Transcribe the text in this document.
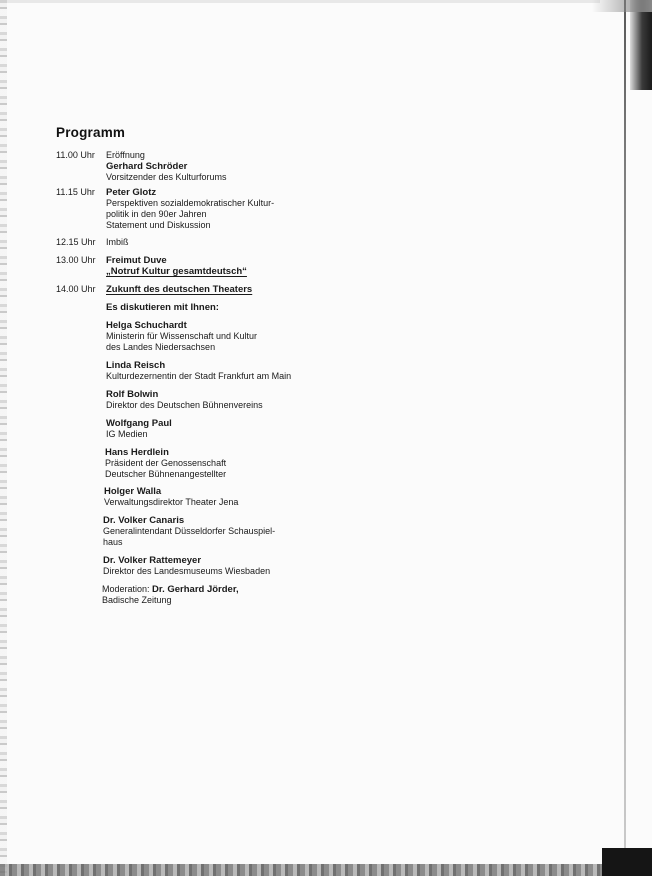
Programm
11.00 Uhr	Eröffnung
Gerhard Schröder
Vorsitzender des Kulturforums
11.15 Uhr	Peter Glotz
Perspektiven sozialdemokratischer Kultur-
politik in den 90er Jahren
Statement und Diskussion
12.15 Uhr	Imbiß
13.00 Uhr	Freimut Duve
„Notruf Kultur gesamtdeutsch“
14.00 Uhr	Zukunft des deutschen Theaters
Es diskutieren mit Ihnen:
Helga Schuchardt
Ministerin für Wissenschaft und Kultur
des Landes Niedersachsen
Linda Reisch
Kulturdezernentin der Stadt Frankfurt am Main
Rolf Bolwin
Direktor des Deutschen Bühnenvereins
Wolfgang Paul
IG Medien
Hans Herdlein
Präsident der Genossenschaft
Deutscher Bühnenangestellter
Holger Walla
Verwaltungsdirektor Theater Jena
Dr. Volker Canaris
Generalintendant Düsseldorfer Schauspiel-
haus
Dr. Volker Rattemeyer
Direktor des Landesmuseums Wiesbaden
Moderation: Dr. Gerhard Jörder,
Badische Zeitung
